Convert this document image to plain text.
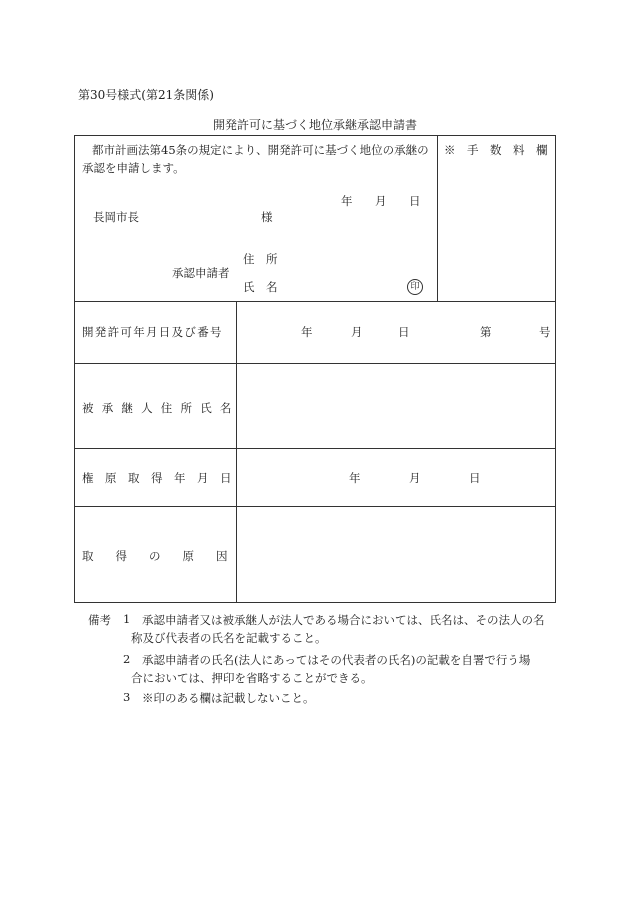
第30号様式(第21条関係)
開発許可に基づく地位承継承認申請書
都市計画法第45条の規定により、開発許可に基づく地位の承継の
承認を申請します。
年 月 日
長岡市長	様
住　所
承認申請者
氏　名	印
※　手　数　料　欄
開発許可年月日及び番号	年	月	日	第	号
被承継人住所氏名
権原取得年月日	年	月	日
取得の原因
備考 1 承認申請者又は被承継人が法人である場合においては、氏名は、その法人の名
称及び代表者の氏名を記載すること。
2 承認申請者の氏名(法人にあってはその代表者の氏名)の記載を自署で行う場
合においては、押印を省略することができる。
3 ※印のある欄は記載しないこと。
